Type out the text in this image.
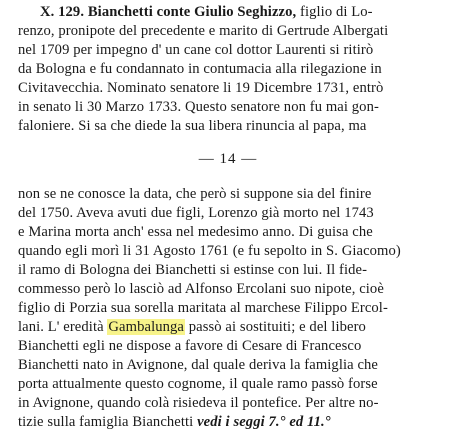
X. 129. Bianchetti conte Giulio Seghizzo, figlio di Lo-
renzo, pronipote del precedente e marito di Gertrude Albergati
nel 1709 per impegno d' un cane col dottor Laurenti si ritirò
da Bologna e fu condannato in contumacia alla rilegazione in
Civitavecchia. Nominato senatore li 19 Dicembre 1731, entrò
in senato li 30 Marzo 1733. Questo senatore non fu mai gon-
faloniere. Si sa che diede la sua libera rinuncia al papa, ma
— 14 —
non se ne conosce la data, che però si suppone sia del finire
del 1750. Aveva avuti due figli, Lorenzo già morto nel 1743
e Marina morta anch' essa nel medesimo anno. Di guisa che
quando egli morì li 31 Agosto 1761 (e fu sepolto in S. Giacomo)
il ramo di Bologna dei Bianchetti si estinse con lui. Il fide-
commesso però lo lasciò ad Alfonso Ercolani suo nipote, cioè
figlio di Porzia sua sorella maritata al marchese Filippo Ercol-
lani. L' eredità Gambalunga passò ai sostituiti; e del libero
Bianchetti egli ne dispose a favore di Cesare di Francesco
Bianchetti nato in Avignone, dal quale deriva la famiglia che
porta attualmente questo cognome, il quale ramo passò forse
in Avignone, quando colà risiedeva il pontefice. Per altre no-
tizie sulla famiglia Bianchetti vedi i seggi 7.° ed 11.°
